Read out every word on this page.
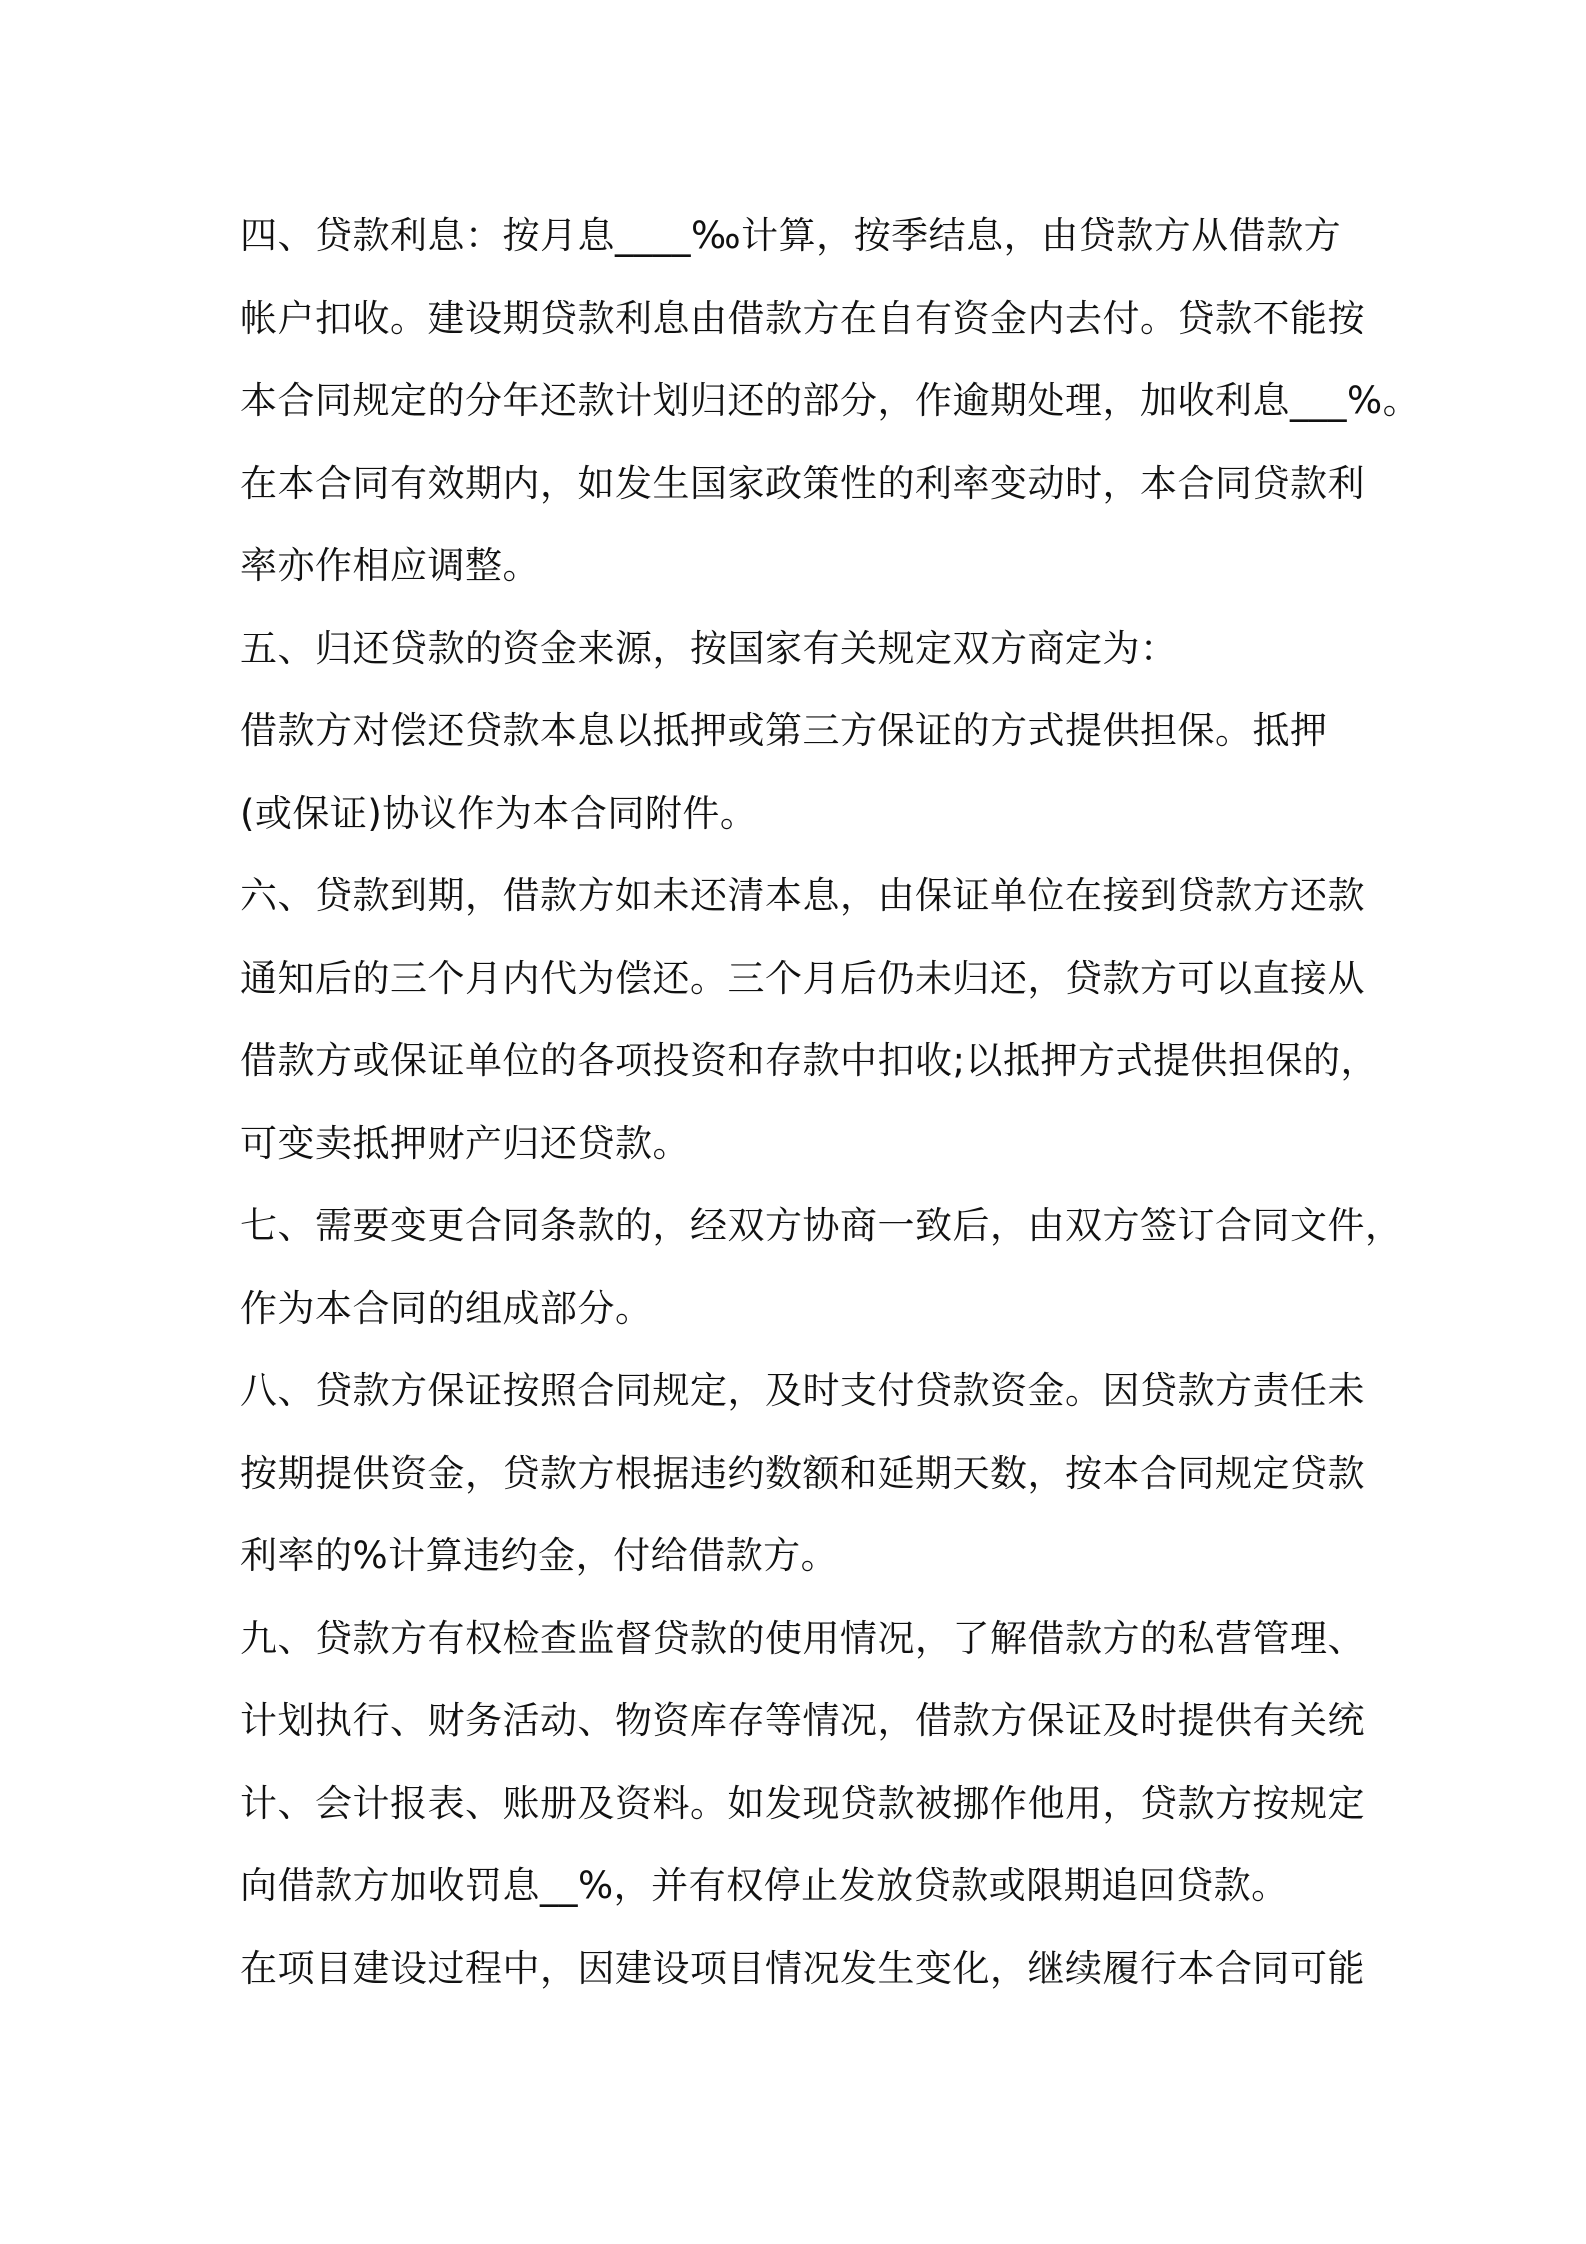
四、贷款利息：按月息____‰计算，按季结息，由贷款方从借款方
帐户扣收。建设期贷款利息由借款方在自有资金内去付。贷款不能按
本合同规定的分年还款计划归还的部分，作逾期处理，加收利息___%。
在本合同有效期内，如发生国家政策性的利率变动时，本合同贷款利
率亦作相应调整。
五、归还贷款的资金来源，按国家有关规定双方商定为：
借款方对偿还贷款本息以抵押或第三方保证的方式提供担保。抵押
(或保证)协议作为本合同附件。
六、贷款到期，借款方如未还清本息，由保证单位在接到贷款方还款
通知后的三个月内代为偿还。三个月后仍未归还，贷款方可以直接从
借款方或保证单位的各项投资和存款中扣收;以抵押方式提供担保的，
可变卖抵押财产归还贷款。
七、需要变更合同条款的，经双方协商一致后，由双方签订合同文件，
作为本合同的组成部分。
八、贷款方保证按照合同规定，及时支付贷款资金。因贷款方责任未
按期提供资金，贷款方根据违约数额和延期天数，按本合同规定贷款
利率的%计算违约金，付给借款方。
九、贷款方有权检查监督贷款的使用情况，了解借款方的私营管理、
计划执行、财务活动、物资库存等情况，借款方保证及时提供有关统
计、会计报表、账册及资料。如发现贷款被挪作他用，贷款方按规定
向借款方加收罚息__%，并有权停止发放贷款或限期追回贷款。
在项目建设过程中，因建设项目情况发生变化，继续履行本合同可能
